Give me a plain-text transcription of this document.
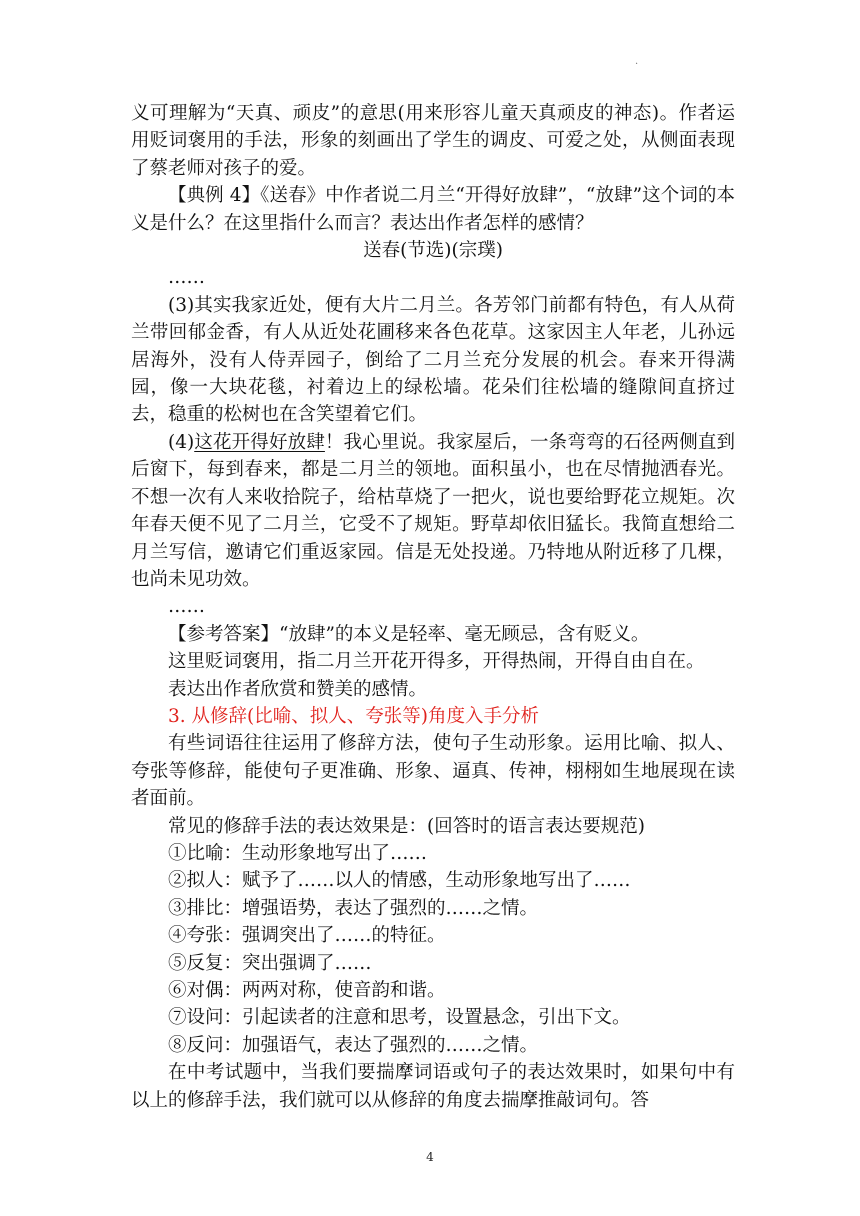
.

义可理解为“天真、顽皮”的意思(用来形容儿童天真顽皮的神态)。作者运用贬词褒用的手法，形象的刻画出了学生的调皮、可爱之处，从侧面表现了蔡老师对孩子的爱。

【典例 4】《送春》中作者说二月兰“开得好放肆”，“放肆”这个词的本义是什么？在这里指什么而言？表达出作者怎样的感情？

送春(节选)(宗璞)

……

(3)其实我家近处，便有大片二月兰。各芳邻门前都有特色，有人从荷兰带回郁金香，有人从近处花圃移来各色花草。这家因主人年老，儿孙远居海外，没有人侍弄园子，倒给了二月兰充分发展的机会。春来开得满园，像一大块花毯，衬着边上的绿松墙。花朵们往松墙的缝隙间直挤过去，稳重的松树也在含笑望着它们。

(4)这花开得好放肆！我心里说。我家屋后，一条弯弯的石径两侧直到后窗下，每到春来，都是二月兰的领地。面积虽小，也在尽情抛洒春光。不想一次有人来收拾院子，给枯草烧了一把火，说也要给野花立规矩。次年春天便不见了二月兰，它受不了规矩。野草却依旧猛长。我简直想给二月兰写信，邀请它们重返家园。信是无处投递。乃特地从附近移了几棵，也尚未见功效。

……

【参考答案】“放肆”的本义是轻率、毫无顾忌，含有贬义。

这里贬词褒用，指二月兰开花开得多，开得热闹，开得自由自在。

表达出作者欣赏和赞美的感情。

3. 从修辞(比喻、拟人、夸张等)角度入手分析

有些词语往往运用了修辞方法，使句子生动形象。运用比喻、拟人、夸张等修辞，能使句子更准确、形象、逼真、传神，栩栩如生地展现在读者面前。

常见的修辞手法的表达效果是：(回答时的语言表达要规范)

①比喻：生动形象地写出了……

②拟人：赋予了……以人的情感，生动形象地写出了……

③排比：增强语势，表达了强烈的……之情。

④夸张：强调突出了……的特征。

⑤反复：突出强调了……

⑥对偶：两两对称，使音韵和谐。

⑦设问：引起读者的注意和思考，设置悬念，引出下文。

⑧反问：加强语气，表达了强烈的……之情。

在中考试题中，当我们要揣摩词语或句子的表达效果时，如果句中有以上的修辞手法，我们就可以从修辞的角度去揣摩推敲词句。答

4
